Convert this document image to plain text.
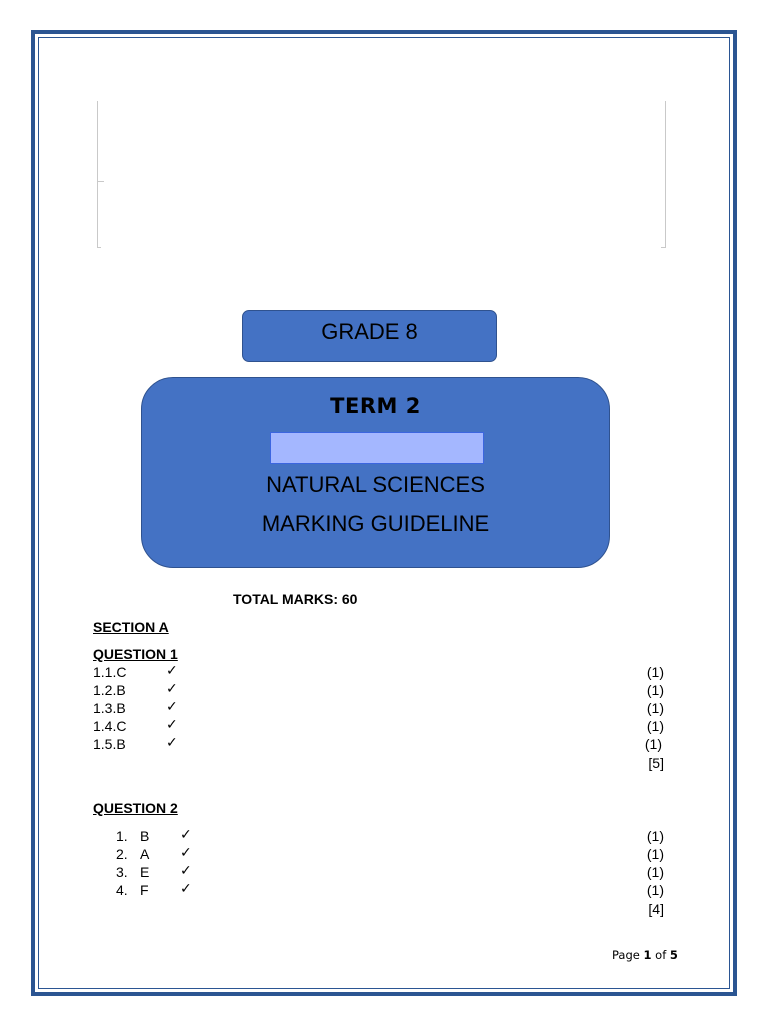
GRADE 8
TERM 2
NATURAL SCIENCES
MARKING GUIDELINE
TOTAL MARKS: 60
SECTION A
QUESTION 1
1.1.C	✓	(1)
1.2.B	✓	(1)
1.3.B	✓	(1)
1.4.C	✓	(1)
1.5.B	✓	(1)
[5]
QUESTION 2
1. B ✓	(1)
2. A ✓	(1)
3. E ✓	(1)
4. F ✓	(1)
[4]
Page 1 of 5
